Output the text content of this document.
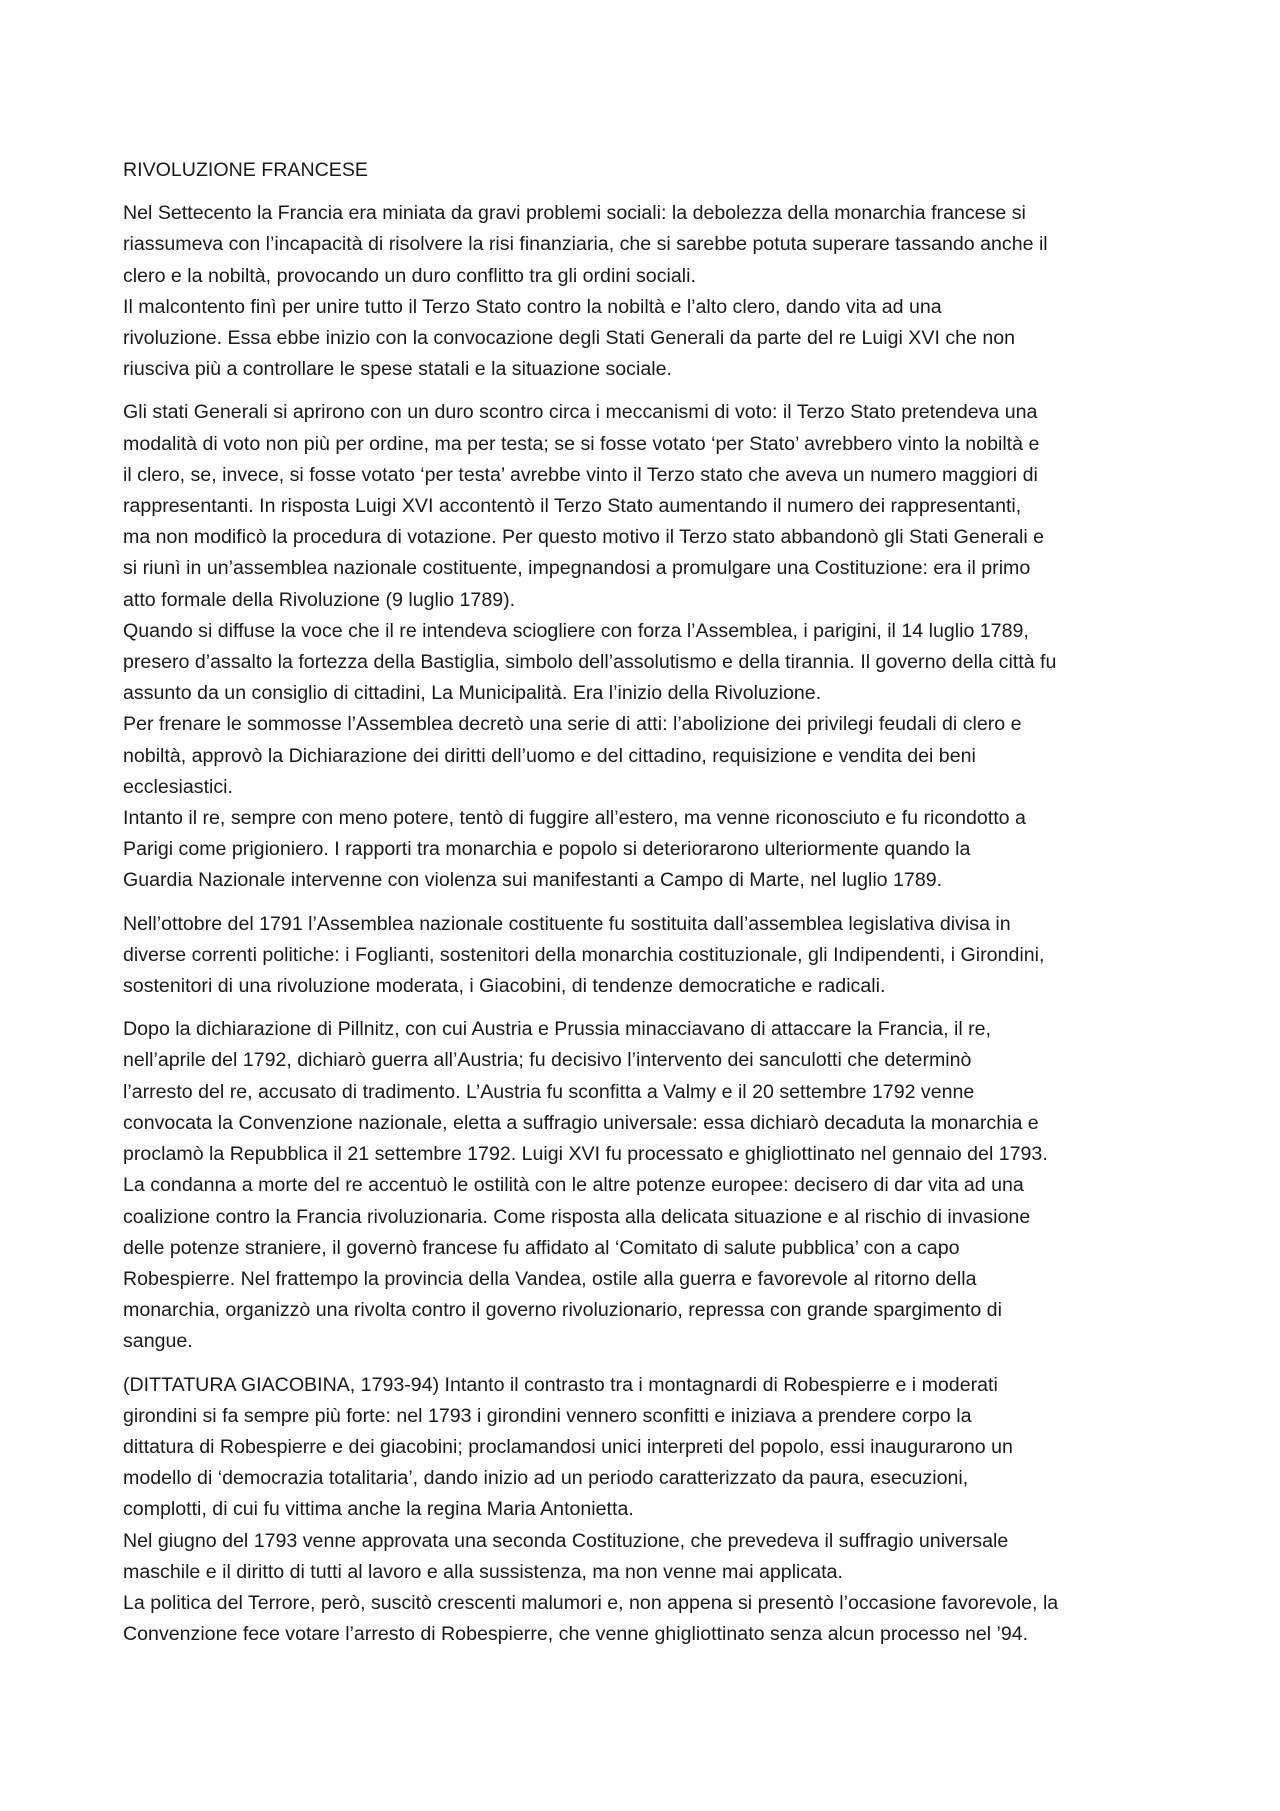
RIVOLUZIONE FRANCESE
Nel Settecento la Francia era miniata da gravi problemi sociali: la debolezza della monarchia francese si
riassumeva con l’incapacità di risolvere la risi finanziaria, che si sarebbe potuta superare tassando anche il
clero e la nobiltà, provocando un duro conflitto tra gli ordini sociali.
Il malcontento finì per unire tutto il Terzo Stato contro la nobiltà e l’alto clero, dando vita ad una
rivoluzione. Essa ebbe inizio con la convocazione degli Stati Generali da parte del re Luigi XVI che non
riusciva più a controllare le spese statali e la situazione sociale.
Gli stati Generali si aprirono con un duro scontro circa i meccanismi di voto: il Terzo Stato pretendeva una
modalità di voto non più per ordine, ma per testa; se si fosse votato ‘per Stato’ avrebbero vinto la nobiltà e
il clero, se, invece, si fosse votato ‘per testa’ avrebbe vinto il Terzo stato che aveva un numero maggiori di
rappresentanti. In risposta Luigi XVI accontentò il Terzo Stato aumentando il numero dei rappresentanti,
ma non modificò la procedura di votazione. Per questo motivo il Terzo stato abbandonò gli Stati Generali e
si riunì in un’assemblea nazionale costituente, impegnandosi a promulgare una Costituzione: era il primo
atto formale della Rivoluzione (9 luglio 1789).
Quando si diffuse la voce che il re intendeva sciogliere con forza l’Assemblea, i parigini, il 14 luglio 1789,
presero d’assalto la fortezza della Bastiglia, simbolo dell’assolutismo e della tirannia. Il governo della città fu
assunto da un consiglio di cittadini, La Municipalità. Era l’inizio della Rivoluzione.
Per frenare le sommosse l’Assemblea decretò una serie di atti: l’abolizione dei privilegi feudali di clero e
nobiltà, approvò la Dichiarazione dei diritti dell’uomo e del cittadino, requisizione e vendita dei beni
ecclesiastici.
Intanto il re, sempre con meno potere, tentò di fuggire all’estero, ma venne riconosciuto e fu ricondotto a
Parigi come prigioniero. I rapporti tra monarchia e popolo si deteriorarono ulteriormente quando la
Guardia Nazionale intervenne con violenza sui manifestanti a Campo di Marte, nel luglio 1789.
Nell’ottobre del 1791 l’Assemblea nazionale costituente fu sostituita dall’assemblea legislativa divisa in
diverse correnti politiche: i Foglianti, sostenitori della monarchia costituzionale, gli Indipendenti, i Girondini,
sostenitori di una rivoluzione moderata, i Giacobini, di tendenze democratiche e radicali.
Dopo la dichiarazione di Pillnitz, con cui Austria e Prussia minacciavano di attaccare la Francia, il re,
nell’aprile del 1792, dichiarò guerra all’Austria; fu decisivo l’intervento dei sanculotti che determinò
l’arresto del re, accusato di tradimento. L’Austria fu sconfitta a Valmy e il 20 settembre 1792 venne
convocata la Convenzione nazionale, eletta a suffragio universale: essa dichiarò decaduta la monarchia e
proclamò la Repubblica il 21 settembre 1792. Luigi XVI fu processato e ghigliottinato nel gennaio del 1793.
La condanna a morte del re accentuò le ostilità con le altre potenze europee: decisero di dar vita ad una
coalizione contro la Francia rivoluzionaria. Come risposta alla delicata situazione e al rischio di invasione
delle potenze straniere, il governò francese fu affidato al ‘Comitato di salute pubblica’ con a capo
Robespierre. Nel frattempo la provincia della Vandea, ostile alla guerra e favorevole al ritorno della
monarchia, organizzò una rivolta contro il governo rivoluzionario, repressa con grande spargimento di
sangue.
(DITTATURA GIACOBINA, 1793-94) Intanto il contrasto tra i montagnardi di Robespierre e i moderati
girondini si fa sempre più forte: nel 1793 i girondini vennero sconfitti e iniziava a prendere corpo la
dittatura di Robespierre e dei giacobini; proclamandosi unici interpreti del popolo, essi inaugurarono un
modello di ‘democrazia totalitaria’, dando inizio ad un periodo caratterizzato da paura, esecuzioni,
complotti, di cui fu vittima anche la regina Maria Antonietta.
Nel giugno del 1793 venne approvata una seconda Costituzione, che prevedeva il suffragio universale
maschile e il diritto di tutti al lavoro e alla sussistenza, ma non venne mai applicata.
La politica del Terrore, però, suscitò crescenti malumori e, non appena si presentò l’occasione favorevole, la
Convenzione fece votare l’arresto di Robespierre, che venne ghigliottinato senza alcun processo nel ’94.
